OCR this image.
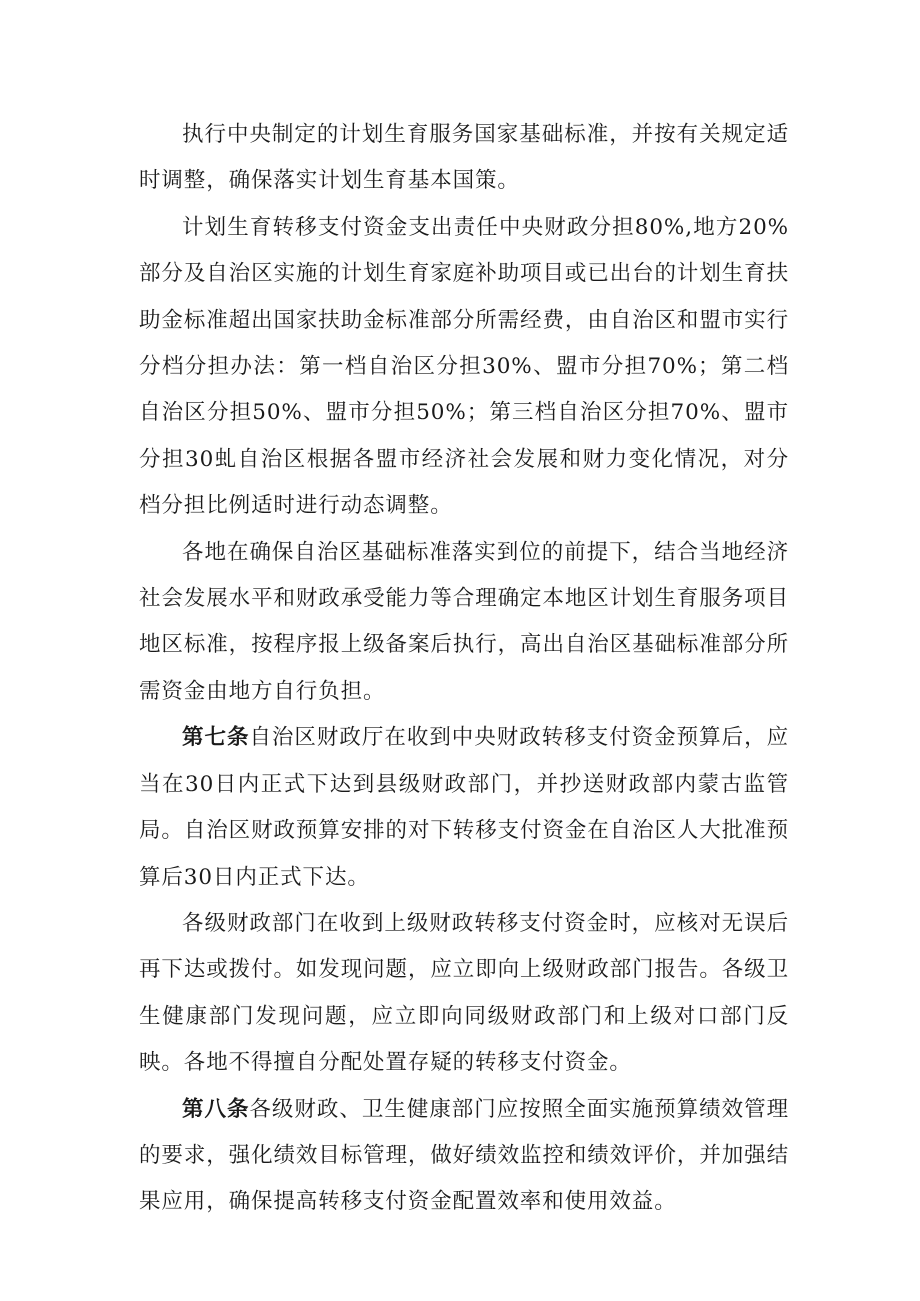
执行中央制定的计划生育服务国家基础标准，并按有关规定适时调整，确保落实计划生育基本国策。

计划生育转移支付资金支出责任中央财政分担80%,地方20%部分及自治区实施的计划生育家庭补助项目或已出台的计划生育扶助金标准超出国家扶助金标准部分所需经费，由自治区和盟市实行分档分担办法：第一档自治区分担30%、盟市分担70%；第二档自治区分担50%、盟市分担50%；第三档自治区分担70%、盟市分担30虬自治区根据各盟市经济社会发展和财力变化情况，对分档分担比例适时进行动态调整。

各地在确保自治区基础标准落实到位的前提下，结合当地经济社会发展水平和财政承受能力等合理确定本地区计划生育服务项目地区标准，按程序报上级备案后执行，高出自治区基础标准部分所需资金由地方自行负担。

第七条自治区财政厅在收到中央财政转移支付资金预算后，应当在30日内正式下达到县级财政部门，并抄送财政部内蒙古监管局。自治区财政预算安排的对下转移支付资金在自治区人大批准预算后30日内正式下达。

各级财政部门在收到上级财政转移支付资金时，应核对无误后再下达或拨付。如发现问题，应立即向上级财政部门报告。各级卫生健康部门发现问题，应立即向同级财政部门和上级对口部门反映。各地不得擅自分配处置存疑的转移支付资金。

第八条各级财政、卫生健康部门应按照全面实施预算绩效管理的要求，强化绩效目标管理，做好绩效监控和绩效评价，并加强结果应用，确保提高转移支付资金配置效率和使用效益。
